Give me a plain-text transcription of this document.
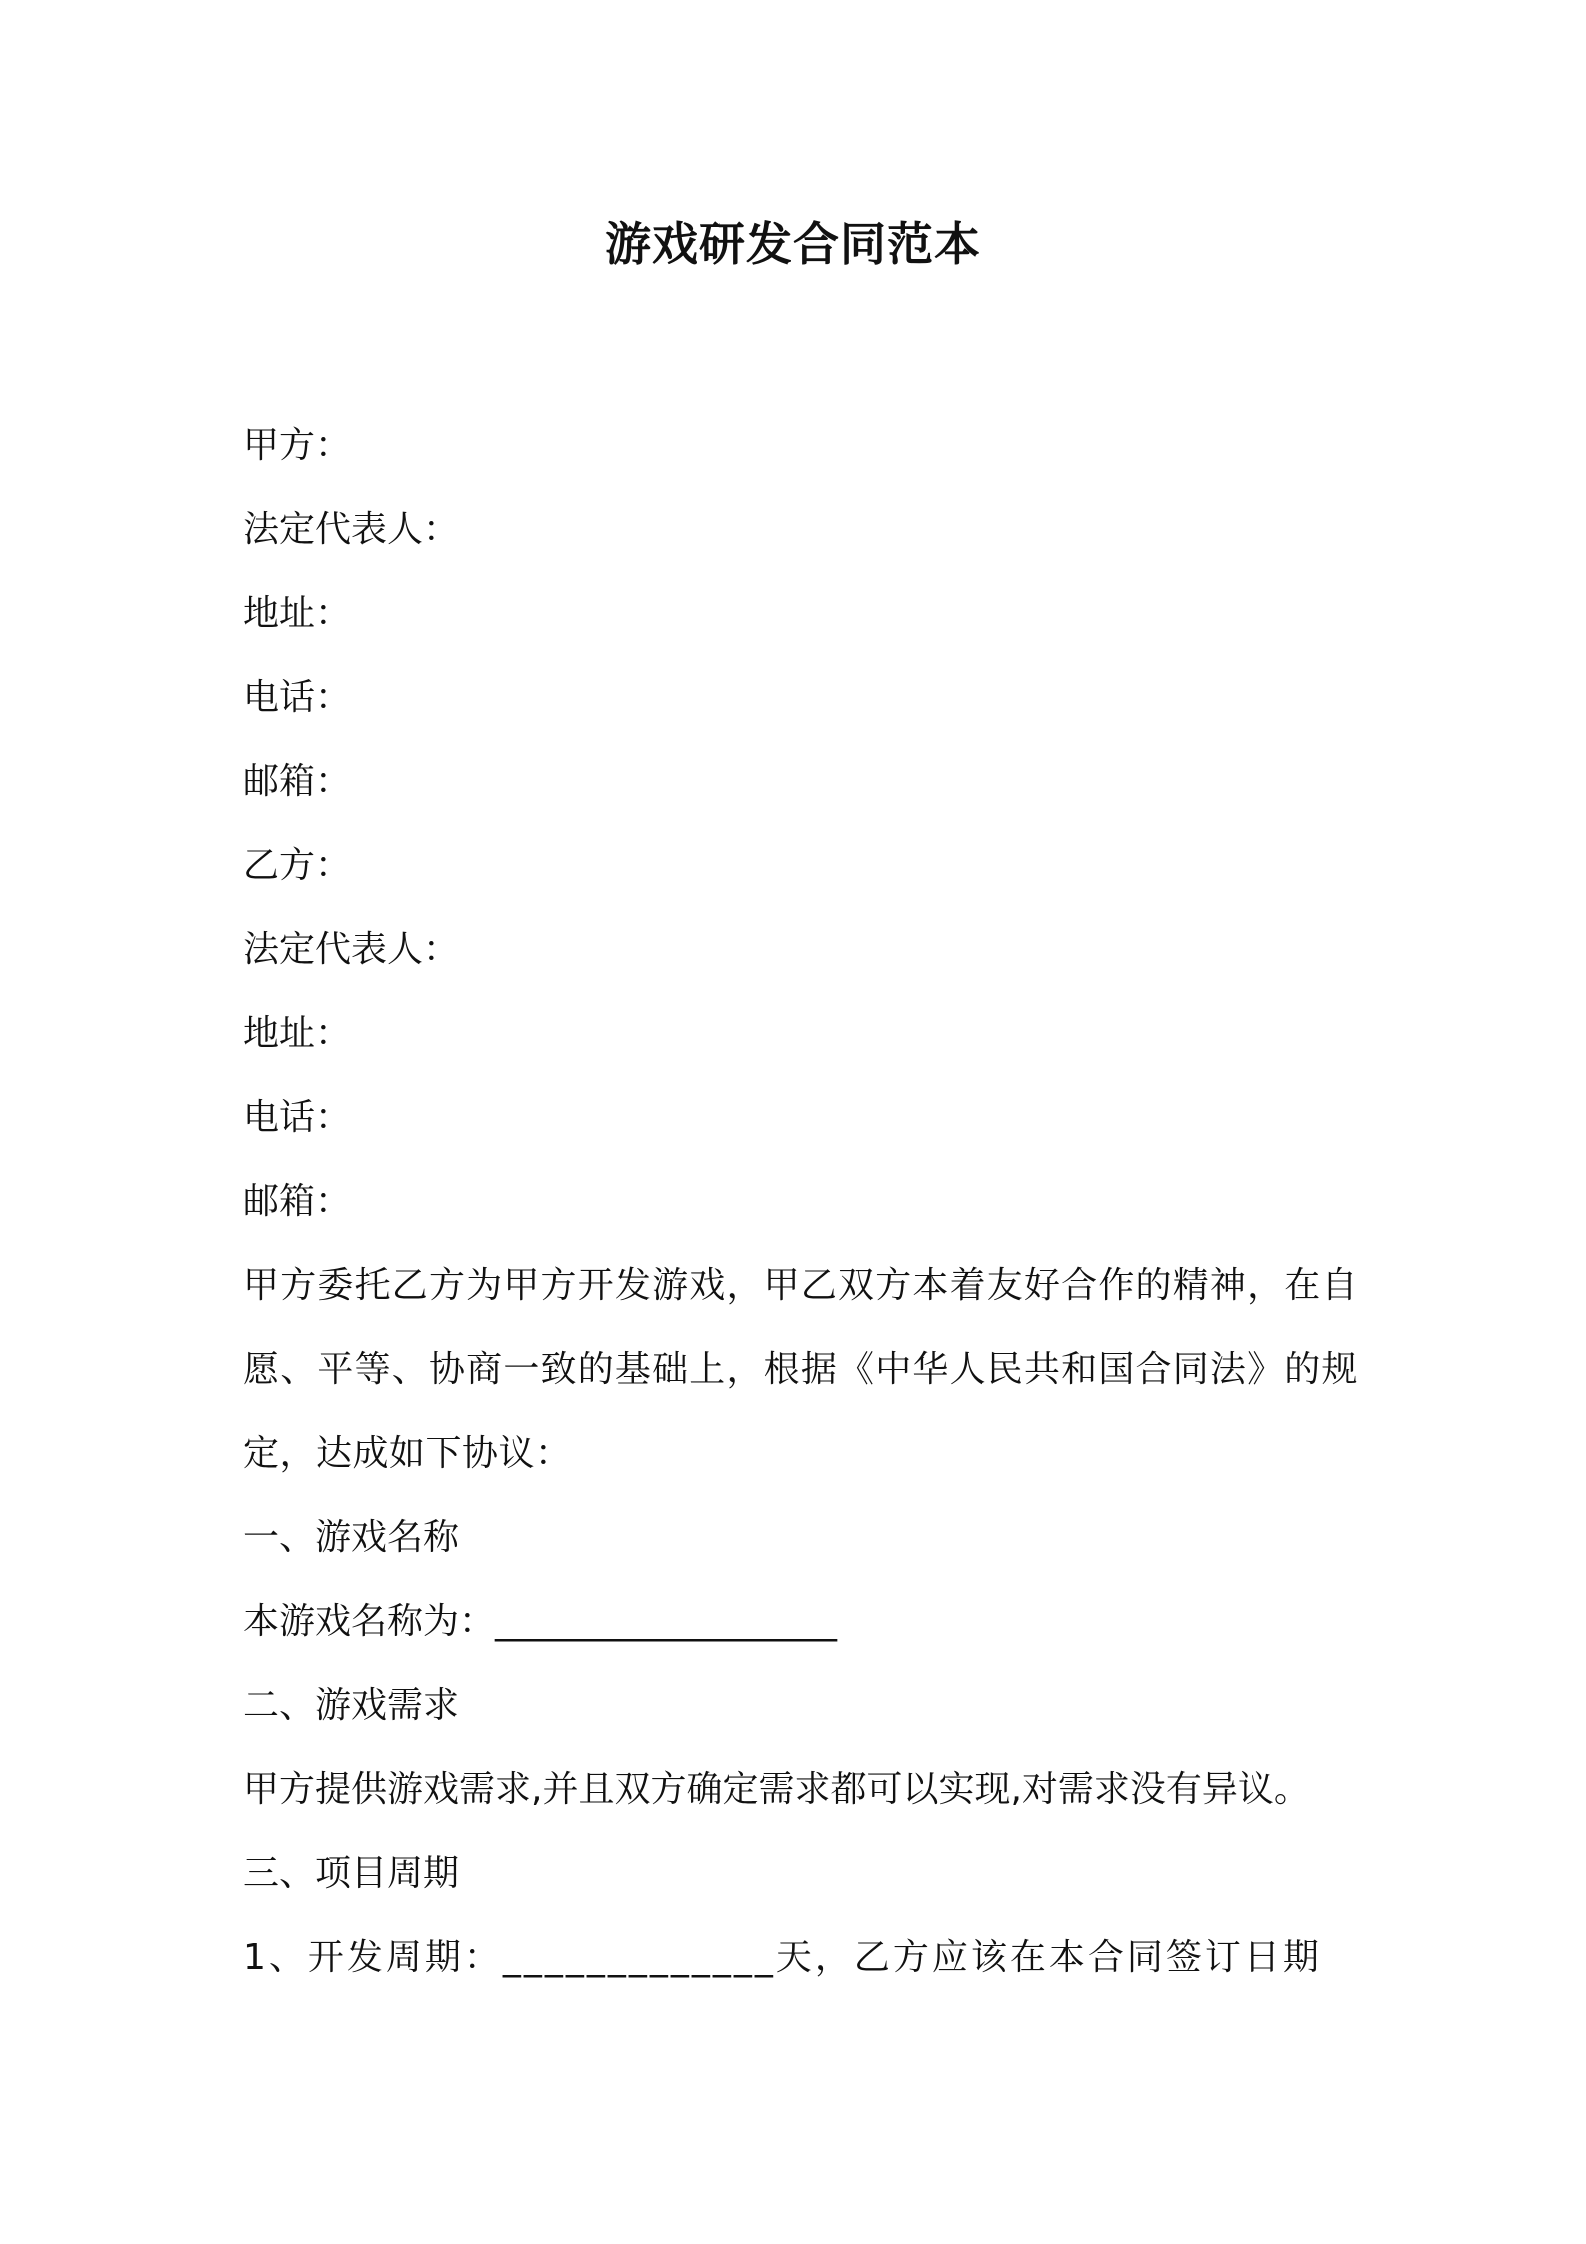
游戏研发合同范本
甲方：
法定代表人：
地址：
电话：
邮箱：
乙方：
法定代表人：
地址：
电话：
邮箱：
甲方委托乙方为甲方开发游戏，甲乙双方本着友好合作的精神，在自愿、平等、协商一致的基础上，根据《中华人民共和国合同法》的规定，达成如下协议：
一、游戏名称
本游戏名称为：___________________
二、游戏需求
甲方提供游戏需求,并且双方确定需求都可以实现,对需求没有异议。
三、项目周期
1、开发周期：_____________天，乙方应该在本合同签订日期
